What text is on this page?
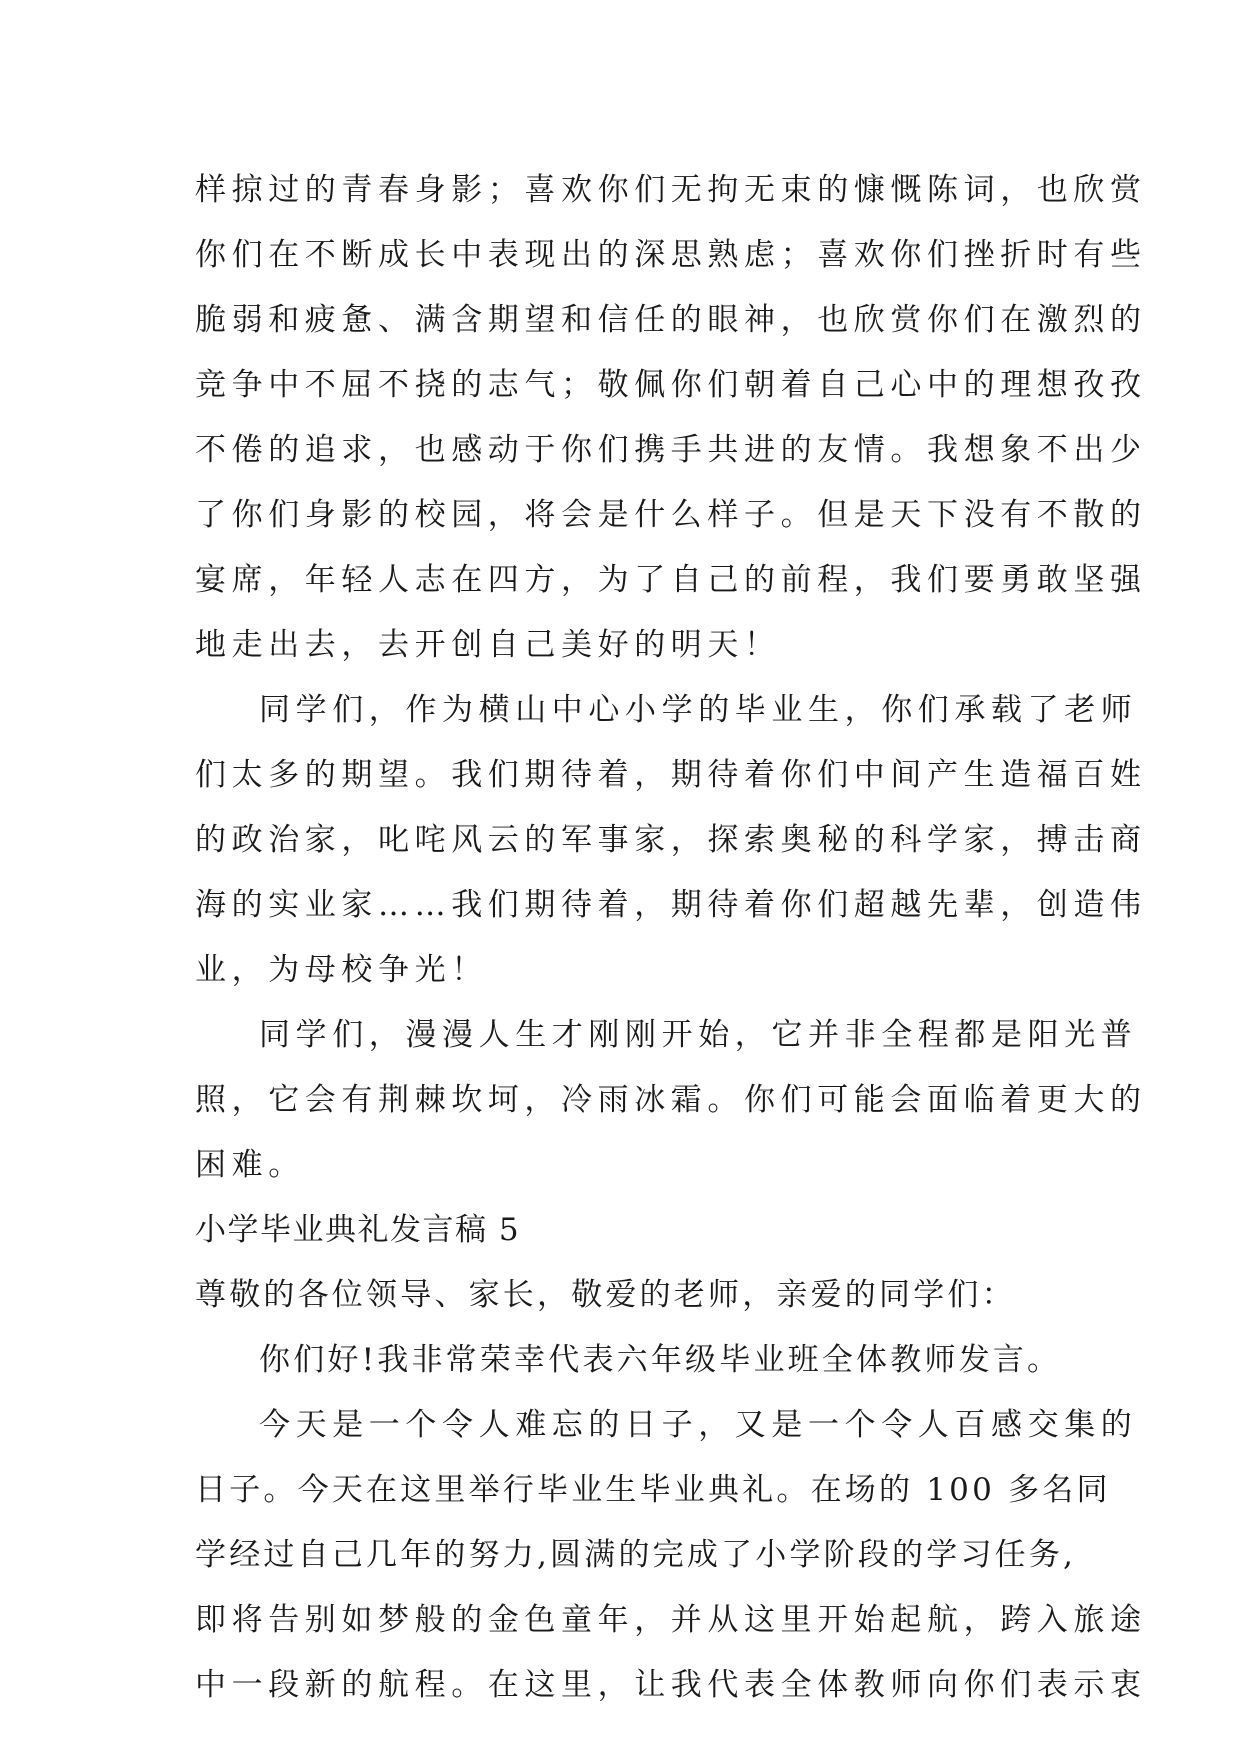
样掠过的青春身影；喜欢你们无拘无束的慷慨陈词，也欣赏
你们在不断成长中表现出的深思熟虑；喜欢你们挫折时有些
脆弱和疲惫、满含期望和信任的眼神，也欣赏你们在激烈的
竞争中不屈不挠的志气；敬佩你们朝着自己心中的理想孜孜
不倦的追求，也感动于你们携手共进的友情。我想象不出少
了你们身影的校园，将会是什么样子。但是天下没有不散的
宴席，年轻人志在四方，为了自己的前程，我们要勇敢坚强
地走出去，去开创自己美好的明天！
同学们，作为横山中心小学的毕业生，你们承载了老师
们太多的期望。我们期待着，期待着你们中间产生造福百姓
的政治家，叱咤风云的军事家，探索奥秘的科学家，搏击商
海的实业家……我们期待着，期待着你们超越先辈，创造伟
业，为母校争光！
同学们，漫漫人生才刚刚开始，它并非全程都是阳光普
照，它会有荆棘坎坷，冷雨冰霜。你们可能会面临着更大的
困难。
小学毕业典礼发言稿 5
尊敬的各位领导、家长，敬爱的老师，亲爱的同学们：
你们好!我非常荣幸代表六年级毕业班全体教师发言。
今天是一个令人难忘的日子，又是一个令人百感交集的
日子。今天在这里举行毕业生毕业典礼。在场的 100 多名同
学经过自己几年的努力,圆满的完成了小学阶段的学习任务,
即将告别如梦般的金色童年，并从这里开始起航，跨入旅途
中一段新的航程。在这里，让我代表全体教师向你们表示衷
